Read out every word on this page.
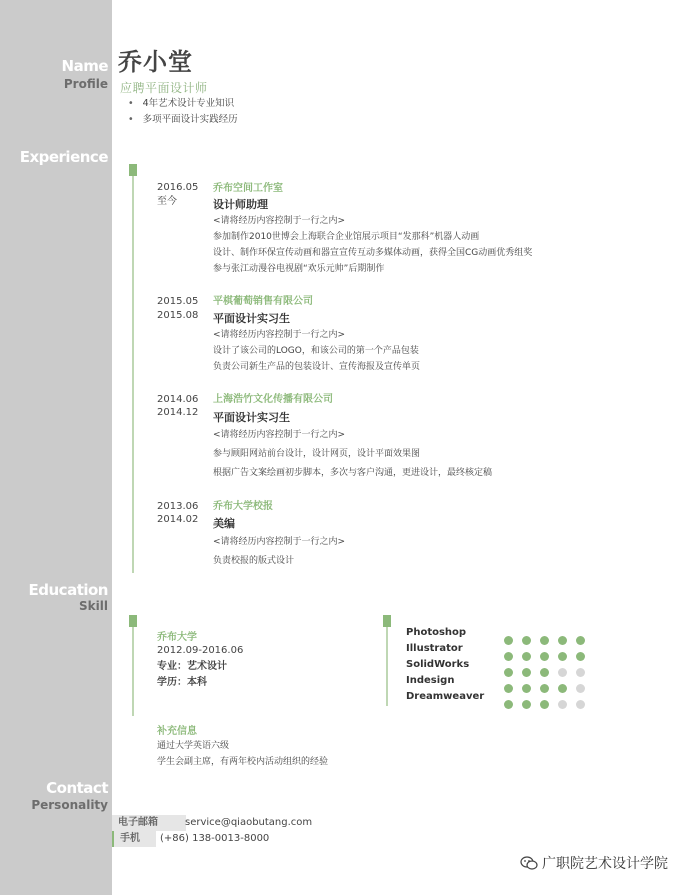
Name
Profile
Experience
Education
Skill
Contact
Personality
乔小堂
应聘平面设计师
• 4年艺术设计专业知识
• 多项平面设计实践经历
2016.05
至今
乔布空间工作室
设计师助理
<请将经历内容控制于一行之内>
参加制作2010世博会上海联合企业馆展示项目“发那科”机器人动画
设计、制作环保宣传动画和器宣宣传互动多媒体动画，获得全国CG动画优秀组奖
参与张江动漫谷电视剧“欢乐元帅”后期制作
2015.05
2015.08
平棋葡萄销售有限公司
平面设计实习生
<请将经历内容控制于一行之内>
设计了该公司的LOGO，和该公司的第一个产品包装
负责公司新生产品的包装设计、宣传海报及宣传单页
2014.06
2014.12
上海浩竹文化传播有限公司
平面设计实习生
<请将经历内容控制于一行之内>
参与顾阳网站前台设计，设计网页，设计平面效果图
根据广告文案绘画初步脚本，多次与客户沟通，更进设计，最终核定稿
2013.06
2014.02
乔布大学校报
美编
<请将经历内容控制于一行之内>
负责校报的版式设计
乔布大学
2012.09-2016.06
专业：艺术设计
学历：本科
补充信息
通过大学英语六级
学生会副主席，有两年校内活动组织的经验
Photoshop
Illustrator
SolidWorks
Indesign
Dreamweaver
电子邮箱	service@qiaobutang.com
手机	(+86) 138-0013-8000
广职院艺术设计学院
